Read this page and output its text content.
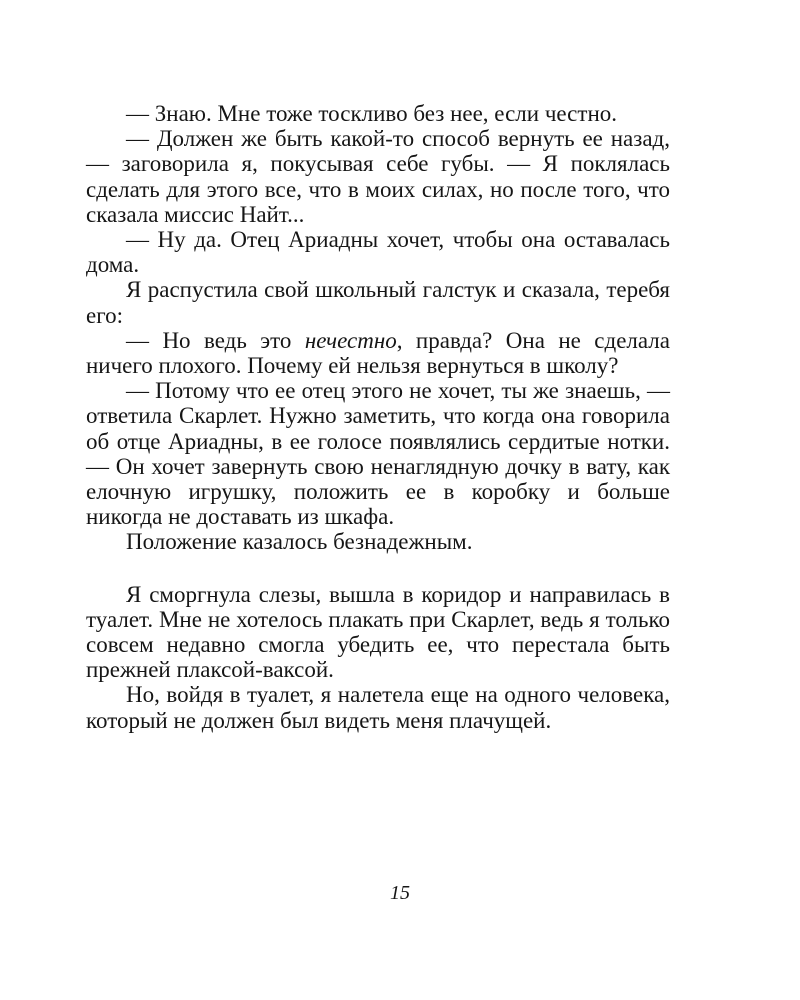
— Знаю. Мне тоже тоскливо без нее, если честно.

— Должен же быть какой-то способ вернуть ее назад, — заговорила я, покусывая себе губы. — Я поклялась сделать для этого все, что в моих силах, но после того, что сказала миссис Найт...

— Ну да. Отец Ариадны хочет, чтобы она оставалась дома.

Я распустила свой школьный галстук и сказала, теребя его:

— Но ведь это нечестно, правда? Она не сделала ничего плохого. Почему ей нельзя вернуться в школу?

— Потому что ее отец этого не хочет, ты же знаешь, — ответила Скарлет. Нужно заметить, что когда она говорила об отце Ариадны, в ее голосе появлялись сердитые нотки. — Он хочет завернуть свою ненаглядную дочку в вату, как елочную игрушку, положить ее в коробку и больше никогда не доставать из шкафа.

Положение казалось безнадежным.

Я сморгнула слезы, вышла в коридор и направилась в туалет. Мне не хотелось плакать при Скарлет, ведь я только совсем недавно смогла убедить ее, что перестала быть прежней плаксой-ваксой.

Но, войдя в туалет, я налетела еще на одного человека, который не должен был видеть меня плачущей.

15
